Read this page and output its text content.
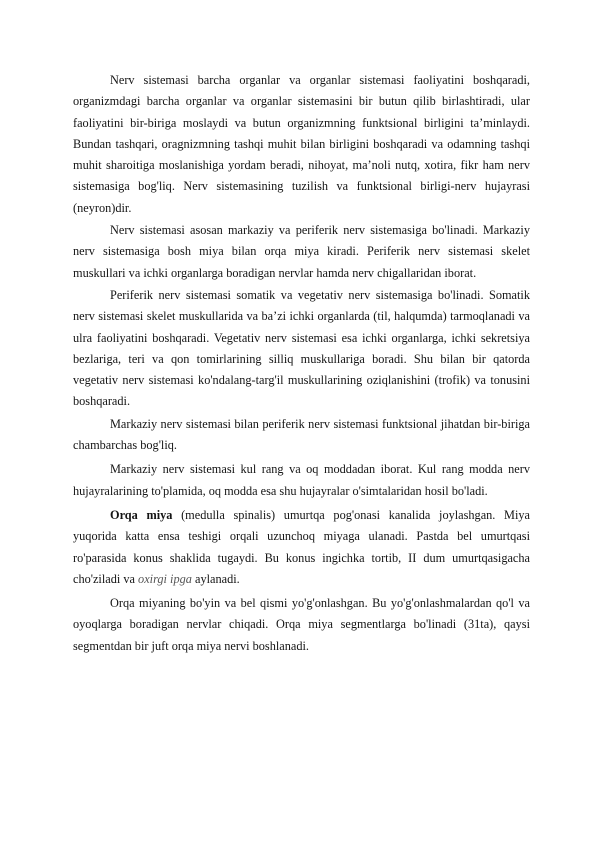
Nerv sistemasi barcha organlar va organlar sistemasi faoliyatini boshqaradi, organizmdagi barcha organlar va organlar sistemasini bir butun qilib birlashtiradi, ular faoliyatini bir-biriga moslaydi va butun organizmning funktsional birligini ta’minlaydi. Bundan tashqari, oragnizmning tashqi muhit bilan birligini boshqaradi va odamning tashqi muhit sharoitiga moslanishiga yordam beradi, nihoyat, ma’noli nutq, xotira, fikr ham nerv sistemasiga bog'liq. Nerv sistemasining tuzilish va funktsional birligi-nerv hujayrasi (neyron)dir.

Nerv sistemasi asosan markaziy va periferik nerv sistemasiga bo'linadi. Markaziy nerv sistemasiga bosh miya bilan orqa miya kiradi. Periferik nerv sistemasi skelet muskullari va ichki organlarga boradigan nervlar hamda nerv chigallaridan iborat.

Periferik nerv sistemasi somatik va vegetativ nerv sistemasiga bo'linadi. Somatik nerv sistemasi skelet muskullarida va ba’zi ichki organlarda (til, halqumda) tarmoqlanadi va ulra faoliyatini boshqaradi. Vegetativ nerv sistemasi esa ichki organlarga, ichki sekretsiya bezlariga, teri va qon tomirlarining silliq muskullariga boradi. Shu bilan bir qatorda vegetativ nerv sistemasi ko'ndalang-targ'il muskullarining oziqlanishini (trofik) va tonusini boshqaradi.

Markaziy nerv sistemasi bilan periferik nerv sistemasi funktsional jihatdan bir-biriga chambarchas bog'liq.

Markaziy nerv sistemasi kul rang va oq moddadan iborat. Kul rang modda nerv hujayralarining to'plamida, oq modda esa shu hujayralar o'simtalaridan hosil bo'ladi.

Orqa miya (medulla spinalis) umurtqa pog'onasi kanalida joylashgan. Miya yuqorida katta ensa teshigi orqali uzunchoq miyaga ulanadi. Pastda bel umurtqasi ro'parasida konus shaklida tugaydi. Bu konus ingichka tortib, II dum umurtqasigacha cho'ziladi va oxirgi ipga aylanadi.

Orqa miyaning bo'yin va bel qismi yo'g'onlashgan. Bu yo'g'onlashmalardan qo'l va oyoqlarga boradigan nervlar chiqadi. Orqa miya segmentlarga bo'linadi (31ta), qaysi segmentdan bir juft orqa miya nervi boshlanadi.
